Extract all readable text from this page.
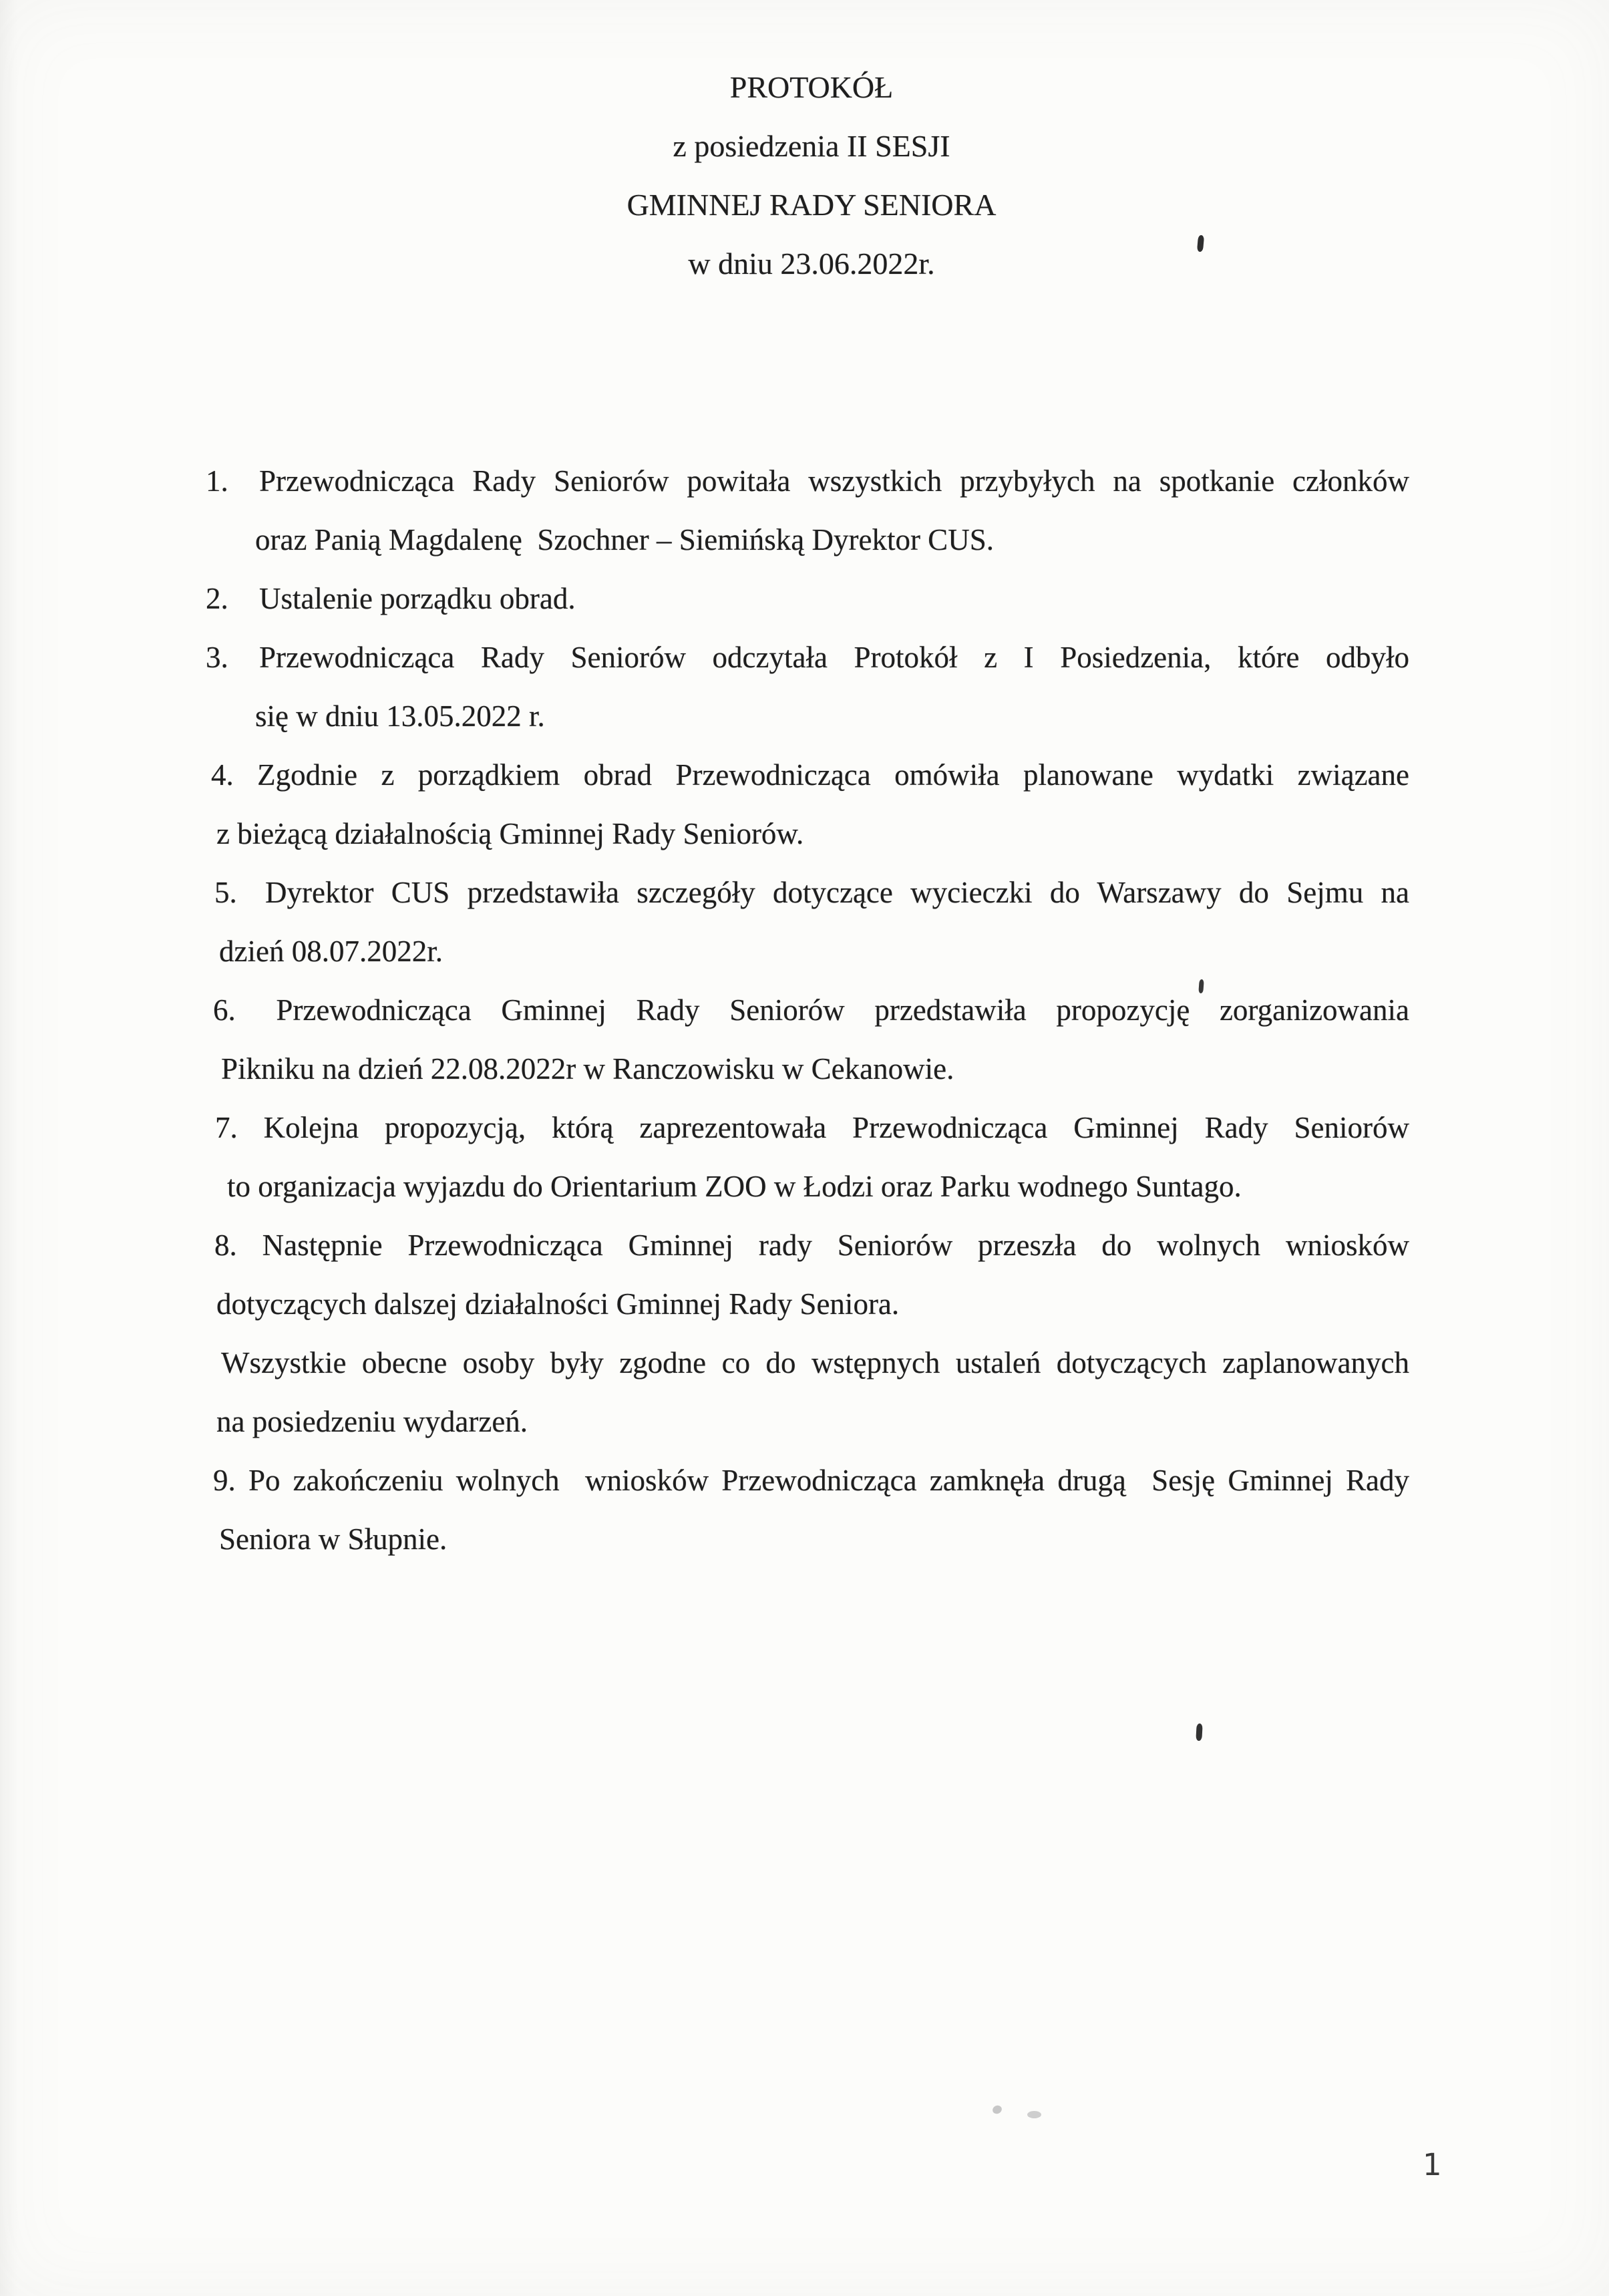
PROTOKÓŁ
z posiedzenia II SESJI
GMINNEJ RADY SENIORA
w dniu 23.06.2022r.
1. Przewodnicząca Rady Seniorów powitała wszystkich przybyłych na spotkanie członków
oraz Panią Magdalenę  Szochner – Siemińską Dyrektor CUS.
2. Ustalenie porządku obrad.
3. Przewodnicząca Rady Seniorów odczytała Protokół z I Posiedzenia, które odbyło
się w dniu 13.05.2022 r.
4. Zgodnie z porządkiem obrad Przewodnicząca omówiła planowane wydatki związane
z bieżącą działalnością Gminnej Rady Seniorów.
5. Dyrektor CUS przedstawiła szczegóły dotyczące wycieczki do Warszawy do Sejmu na
dzień 08.07.2022r.
6. Przewodnicząca Gminnej Rady Seniorów przedstawiła propozycję zorganizowania
Pikniku na dzień 22.08.2022r w Ranczowisku w Cekanowie.
7. Kolejna propozycją, którą zaprezentowała Przewodnicząca Gminnej Rady Seniorów
to organizacja wyjazdu do Orientarium ZOO w Łodzi oraz Parku wodnego Suntago.
8. Następnie Przewodnicząca Gminnej rady Seniorów przeszła do wolnych wniosków
dotyczących dalszej działalności Gminnej Rady Seniora.
Wszystkie obecne osoby były zgodne co do wstępnych ustaleń dotyczących zaplanowanych
na posiedzeniu wydarzeń.
9. Po zakończeniu wolnych  wniosków Przewodnicząca zamknęła drugą  Sesję Gminnej Rady
Seniora w Słupnie.
1
